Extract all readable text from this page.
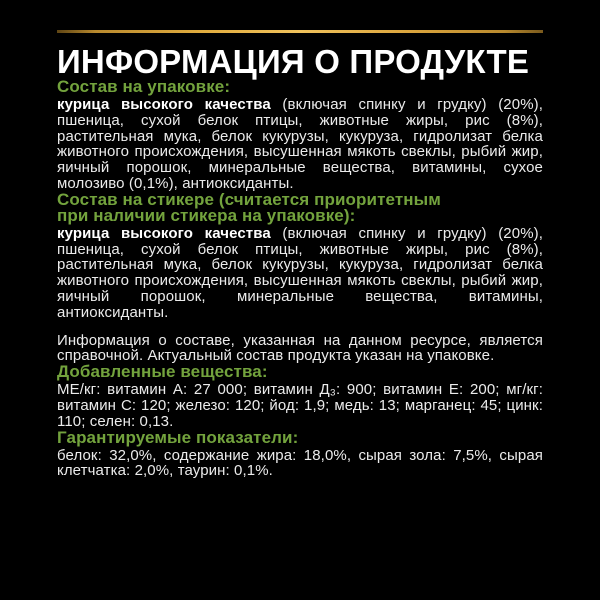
ИНФОРМАЦИЯ О ПРОДУКТЕ
Состав на упаковке:

курица высокого качества (включая спинку и грудку) (20%), пшеница, сухой белок птицы, животные жиры, рис (8%), растительная мука, белок кукурузы, кукуруза, гидролизат белка животного происхождения, высушенная мякоть свеклы, рыбий жир, яичный порошок, минеральные вещества, витамины, сухое молозиво (0,1%), антиоксиданты.

Состав на стикере (считается приоритетным
при наличии стикера на упаковке):

курица высокого качества (включая спинку и грудку) (20%), пшеница, сухой белок птицы, животные жиры, рис (8%), растительная мука, белок кукурузы, кукуруза, гидролизат белка животного происхождения, высушенная мякоть свеклы, рыбий жир, яичный порошок, минеральные вещества, витамины, антиоксиданты.

Информация о составе, указанная на данном ресурсе, является справочной. Актуальный состав продукта указан на упаковке.

Добавленные вещества:

МЕ/кг: витамин А: 27 000; витамин Д₃: 900; витамин Е: 200; мг/кг: витамин С: 120; железо: 120; йод: 1,9; медь: 13; марганец: 45; цинк: 110; селен: 0,13.

Гарантируемые показатели:

белок: 32,0%, содержание жира: 18,0%, сырая зола: 7,5%, сырая клетчатка: 2,0%, таурин: 0,1%.
